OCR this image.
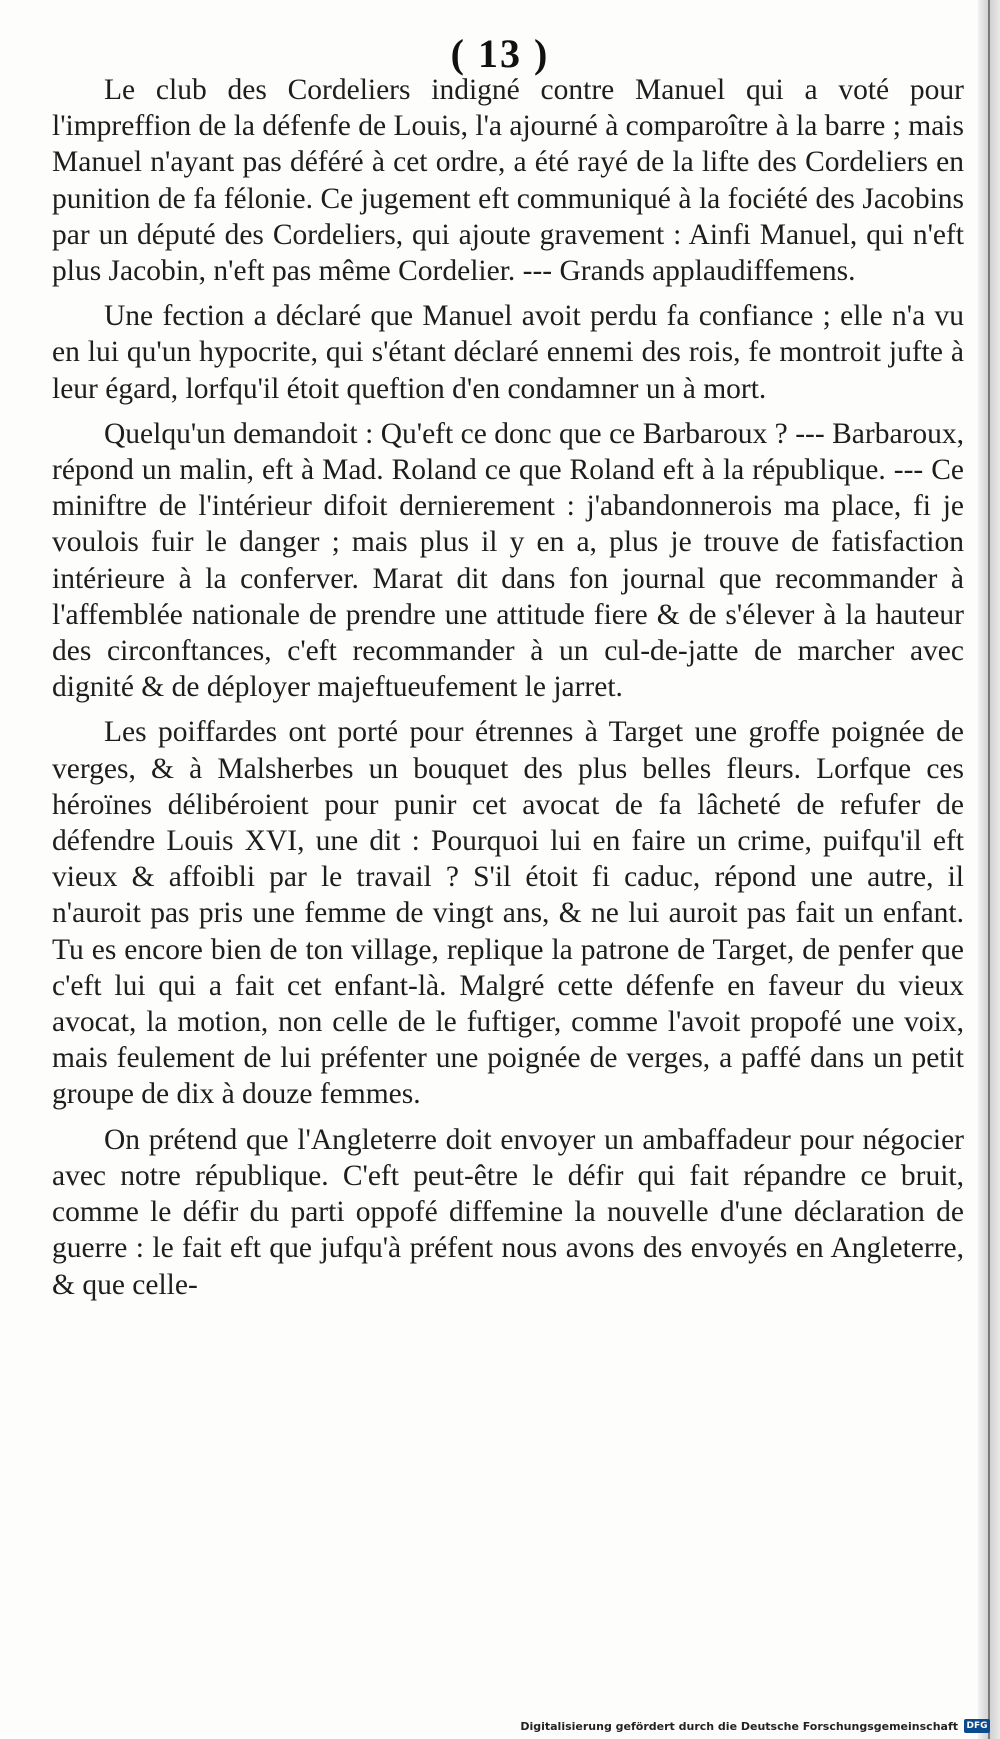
( 13 )

Le club des Cordeliers indigné contre Manuel qui a voté pour l'impreffion de la défenfe de Louis, l'a ajourné à comparoître à la barre ; mais Manuel n'ayant pas déféré à cet ordre, a été rayé de la lifte des Cordeliers en punition de fa félonie. Ce jugement eft communiqué à la fociété des Jacobins par un député des Cordeliers, qui ajoute gravement : Ainfi Manuel, qui n'eft plus Jacobin, n'eft pas même Cordelier. --- Grands applaudiffemens.

Une fection a déclaré que Manuel avoit perdu fa confiance ; elle n'a vu en lui qu'un hypocrite, qui s'étant déclaré ennemi des rois, fe montroit jufte à leur égard, lorfqu'il étoit queftion d'en condamner un à mort.

Quelqu'un demandoit : Qu'eft ce donc que ce Barbaroux ? --- Barbaroux, répond un malin, eft à Mad. Roland ce que Roland eft à la république. --- Ce miniftre de l'intérieur difoit dernierement : j'abandonnerois ma place, fi je voulois fuir le danger ; mais plus il y en a, plus je trouve de fatisfaction intérieure à la conferver. Marat dit dans fon journal que recommander à l'affemblée nationale de prendre une attitude fiere & de s'élever à la hauteur des circonftances, c'eft recommander à un cul-de-jatte de marcher avec dignité & de déployer majeftueufement le jarret.

Les poiffardes ont porté pour étrennes à Target une groffe poignée de verges, & à Malsherbes un bouquet des plus belles fleurs. Lorfque ces héroïnes délibéroient pour punir cet avocat de fa lâcheté de refufer de défendre Louis XVI, une dit : Pourquoi lui en faire un crime, puifqu'il eft vieux & affoibli par le travail ? S'il étoit fi caduc, répond une autre, il n'auroit pas pris une femme de vingt ans, & ne lui auroit pas fait un enfant. Tu es encore bien de ton village, replique la patrone de Target, de penfer que c'eft lui qui a fait cet enfant-là. Malgré cette défenfe en faveur du vieux avocat, la motion, non celle de le fuftiger, comme l'avoit propofé une voix, mais feulement de lui préfenter une poignée de verges, a paffé dans un petit groupe de dix à douze femmes.

On prétend que l'Angleterre doit envoyer un ambaffadeur pour négocier avec notre république. C'eft peut-être le défir qui fait répandre ce bruit, comme le défir du parti oppofé diffemine la nouvelle d'une déclaration de guerre : le fait eft que jufqu'à préfent nous avons des envoyés en Angleterre, & que celle-

Digitalisierung gefördert durch die Deutsche Forschungsgemeinschaft DFG
